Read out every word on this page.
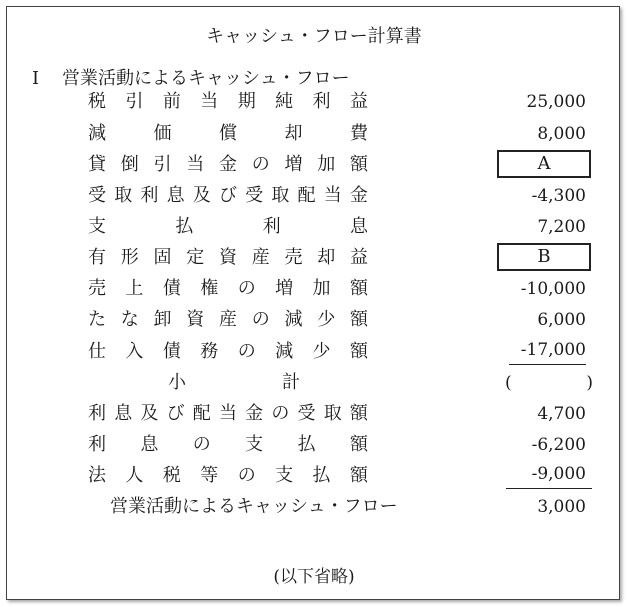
キャッシュ・フロー計算書
I 営業活動によるキャッシュ・フロー
税 引 前 当 期 純 利 益	25,000
減	価	償	却	費	8,000
貸 倒 引 当 金 の 増 加 額	A
受 取 利 息 及 び 受 取 配 当 金	-4,300
支	払	利	息	7,200
有 形 固 定 資 産 売 却 益	B
売 上 債 権 の 増 加 額	-10,000
た な 卸 資 産 の 減 少 額	6,000
仕 入 債 務 の 減 少 額	-17,000
小	計	(	)
利 息 及 び 配 当 金 の 受 取 額	4,700
利 息 の 支 払 額	-6,200
法 人 税 等 の 支 払 額	-9,000
営業活動によるキャッシュ・フロー	3,000
(以下省略)
